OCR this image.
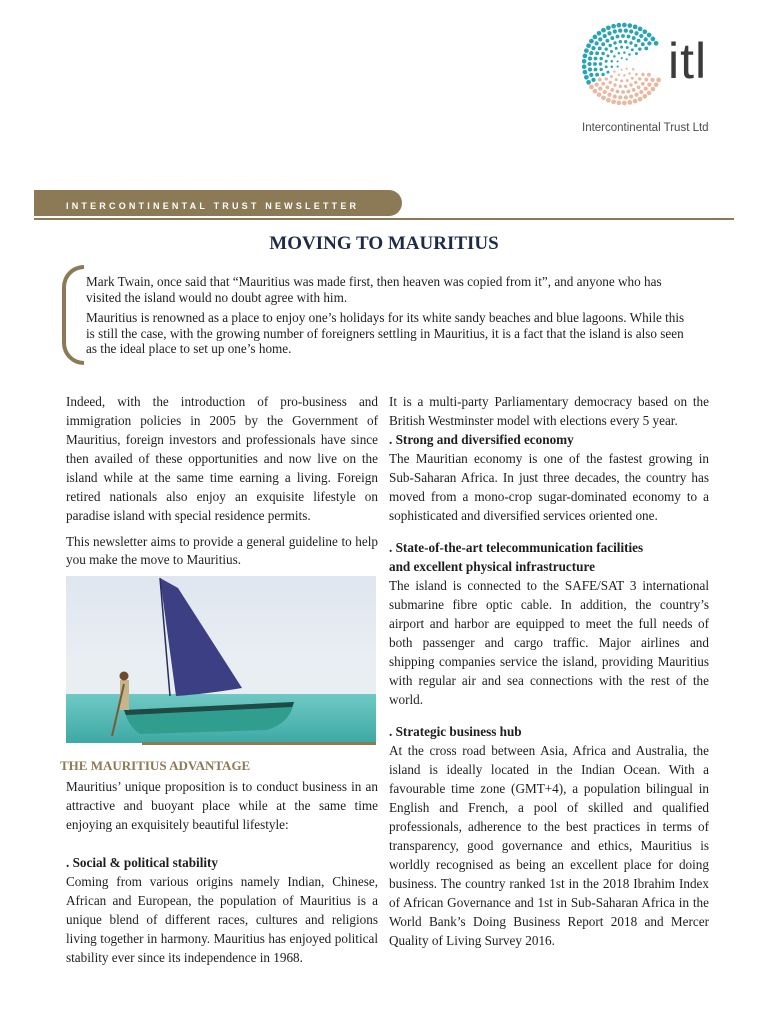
itl
Intercontinental Trust Ltd
INTERCONTINENTAL TRUST NEWSLETTER
MOVING TO MAURITIUS

Mark Twain, once said that “Mauritius was made first, then heaven was copied from it”, and anyone who has visited the island would no doubt agree with him.

Mauritius is renowned as a place to enjoy one’s holidays for its white sandy beaches and blue lagoons. While this is still the case, with the growing number of foreigners settling in Mauritius, it is a fact that the island is also seen as the ideal place to set up one’s home.

Indeed, with the introduction of pro-business and immigration policies in 2005 by the Government of Mauritius, foreign investors and professionals have since then availed of these opportunities and now live on the island while at the same time earning a living. Foreign retired nationals also enjoy an exquisite lifestyle on paradise island with special residence permits.

This newsletter aims to provide a general guideline to help you make the move to Mauritius.

THE MAURITIUS ADVANTAGE

Mauritius’ unique proposition is to conduct business in an attractive and buoyant place while at the same time enjoying an exquisitely beautiful lifestyle:

. Social & political stability

Coming from various origins namely Indian, Chinese, African and European, the population of Mauritius is a unique blend of different races, cultures and religions living together in harmony. Mauritius has enjoyed political stability ever since its independence in 1968.

It is a multi-party Parliamentary democracy based on the British Westminster model with elections every 5 year.

. Strong and diversified economy

The Mauritian economy is one of the fastest growing in Sub-Saharan Africa. In just three decades, the country has moved from a mono-crop sugar-dominated economy to a sophisticated and diversified services oriented one.

. State-of-the-art telecommunication facilities

and excellent physical infrastructure

The island is connected to the SAFE/SAT 3 international submarine fibre optic cable. In addition, the country’s airport and harbor are equipped to meet the full needs of both passenger and cargo traffic. Major airlines and shipping companies service the island, providing Mauritius with regular air and sea connections with the rest of the world.

. Strategic business hub

At the cross road between Asia, Africa and Australia, the island is ideally located in the Indian Ocean. With a favourable time zone (GMT+4), a population bilingual in English and French, a pool of skilled and qualified professionals, adherence to the best practices in terms of transparency, good governance and ethics, Mauritius is worldly recognised as being an excellent place for doing business. The country ranked 1st in the 2018 Ibrahim Index of African Governance and 1st in Sub-Saharan Africa in the World Bank’s Doing Business Report 2018 and Mercer Quality of Living Survey 2016.
